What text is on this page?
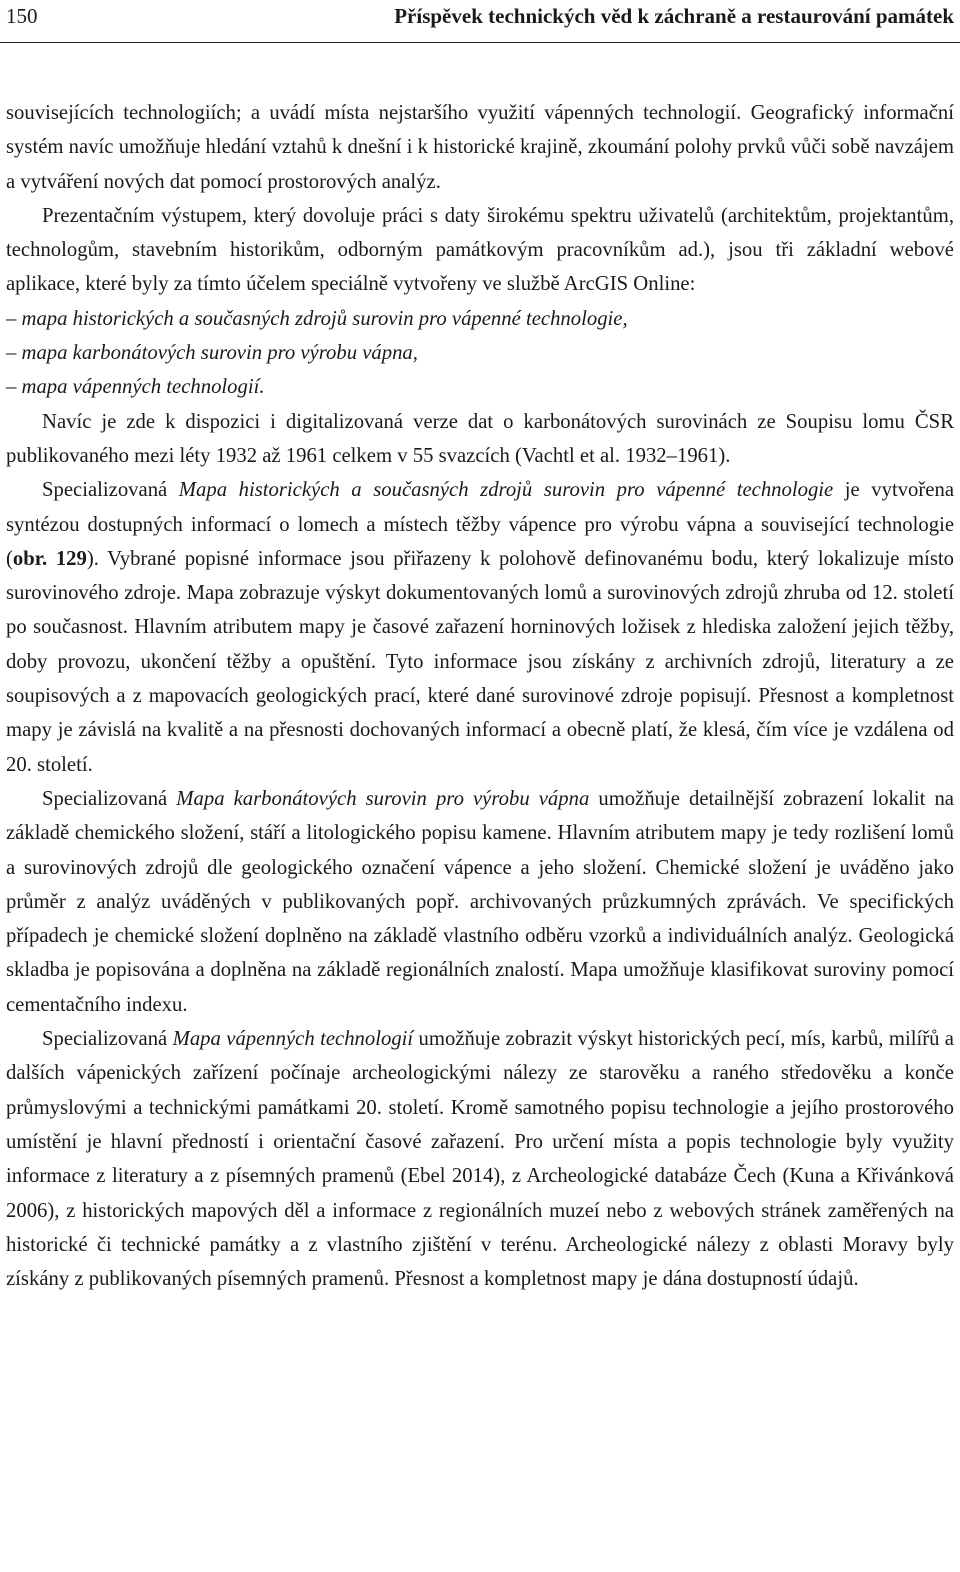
150	Příspěvek technických věd k záchraně a restaurování památek

souvisejících technologiích; a uvádí místa nejstaršího využití vápenných technologií. Geografický informační systém navíc umožňuje hledání vztahů k dnešní i k historické krajině, zkoumání polohy prvků vůči sobě navzájem a vytváření nových dat pomocí prostorových analýz.

Prezentačním výstupem, který dovoluje práci s daty širokému spektru uživatelů (architektům, projektantům, technologům, stavebním historikům, odborným památkovým pracovníkům ad.), jsou tři základní webové aplikace, které byly za tímto účelem speciálně vytvořeny ve službě ArcGIS Online:

– mapa historických a současných zdrojů surovin pro vápenné technologie,
– mapa karbonátových surovin pro výrobu vápna,
– mapa vápenných technologií.

Navíc je zde k dispozici i digitalizovaná verze dat o karbonátových surovinách ze Soupisu lomu ČSR publikovaného mezi léty 1932 až 1961 celkem v 55 svazcích (Vachtl et al. 1932–1961).

Specializovaná Mapa historických a současných zdrojů surovin pro vápenné technologie je vytvořena syntézou dostupných informací o lomech a místech těžby vápence pro výrobu vápna a související technologie (obr. 129). Vybrané popisné informace jsou přiřazeny k polohově definovanému bodu, který lokalizuje místo surovinového zdroje. Mapa zobrazuje výskyt dokumentovaných lomů a surovinových zdrojů zhruba od 12. století po současnost. Hlavním atributem mapy je časové zařazení horninových ložisek z hlediska založení jejich těžby, doby provozu, ukončení těžby a opuštění. Tyto informace jsou získány z archivních zdrojů, literatury a ze soupisových a z mapovacích geologických prací, které dané surovinové zdroje popisují. Přesnost a kompletnost mapy je závislá na kvalitě a na přesnosti dochovaných informací a obecně platí, že klesá, čím více je vzdálena od 20. století.

Specializovaná Mapa karbonátových surovin pro výrobu vápna umožňuje detailnější zobrazení lokalit na základě chemického složení, stáří a litologického popisu kamene. Hlavním atributem mapy je tedy rozlišení lomů a surovinových zdrojů dle geologického označení vápence a jeho složení. Chemické složení je uváděno jako průměr z analýz uváděných v publikovaných popř. archivovaných průzkumných zprávách. Ve specifických případech je chemické složení doplněno na základě vlastního odběru vzorků a individuálních analýz. Geologická skladba je popisována a doplněna na základě regionálních znalostí. Mapa umožňuje klasifikovat suroviny pomocí cementačního indexu.

Specializovaná Mapa vápenných technologií umožňuje zobrazit výskyt historických pecí, mís, karbů, milířů a dalších vápenických zařízení počínaje archeologickými nálezy ze starověku a raného středověku a konče průmyslovými a technickými památkami 20. století. Kromě samotného popisu technologie a jejího prostorového umístění je hlavní předností i orientační časové zařazení. Pro určení místa a popis technologie byly využity informace z literatury a z písemných pramenů (Ebel 2014), z Archeologické databáze Čech (Kuna a Křivánková 2006), z historických mapových děl a informace z regionálních muzeí nebo z webových stránek zaměřených na historické či technické památky a z vlastního zjištění v terénu. Archeologické nálezy z oblasti Moravy byly získány z publikovaných písemných pramenů. Přesnost a kompletnost mapy je dána dostupností údajů.
